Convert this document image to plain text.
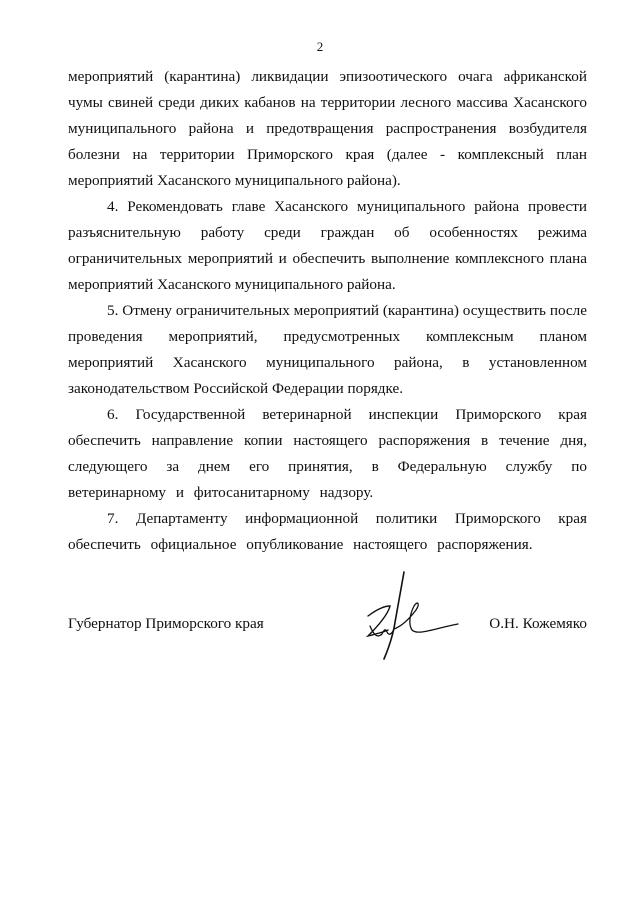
2

мероприятий (карантина) ликвидации эпизоотического очага африканской чумы свиней среди диких кабанов на территории лесного массива Хасанского муниципального района и предотвращения распространения возбудителя болезни на территории Приморского края (далее - комплексный план мероприятий Хасанского муниципального района).

4. Рекомендовать главе Хасанского муниципального района провести разъяснительную работу среди граждан об особенностях режима ограничительных мероприятий и обеспечить выполнение комплексного плана мероприятий Хасанского муниципального района.

5. Отмену ограничительных мероприятий (карантина) осуществить после проведения мероприятий, предусмотренных комплексным планом мероприятий Хасанского муниципального района, в установленном законодательством Российской Федерации порядке.

6. Государственной ветеринарной инспекции Приморского края обеспечить направление копии настоящего распоряжения в течение дня, следующего за днем его принятия, в Федеральную службу по ветеринарному и фитосанитарному надзору.

7. Департаменту информационной политики Приморского края обеспечить официальное опубликование настоящего распоряжения.

Губернатор Приморского края	О.Н. Кожемяко
